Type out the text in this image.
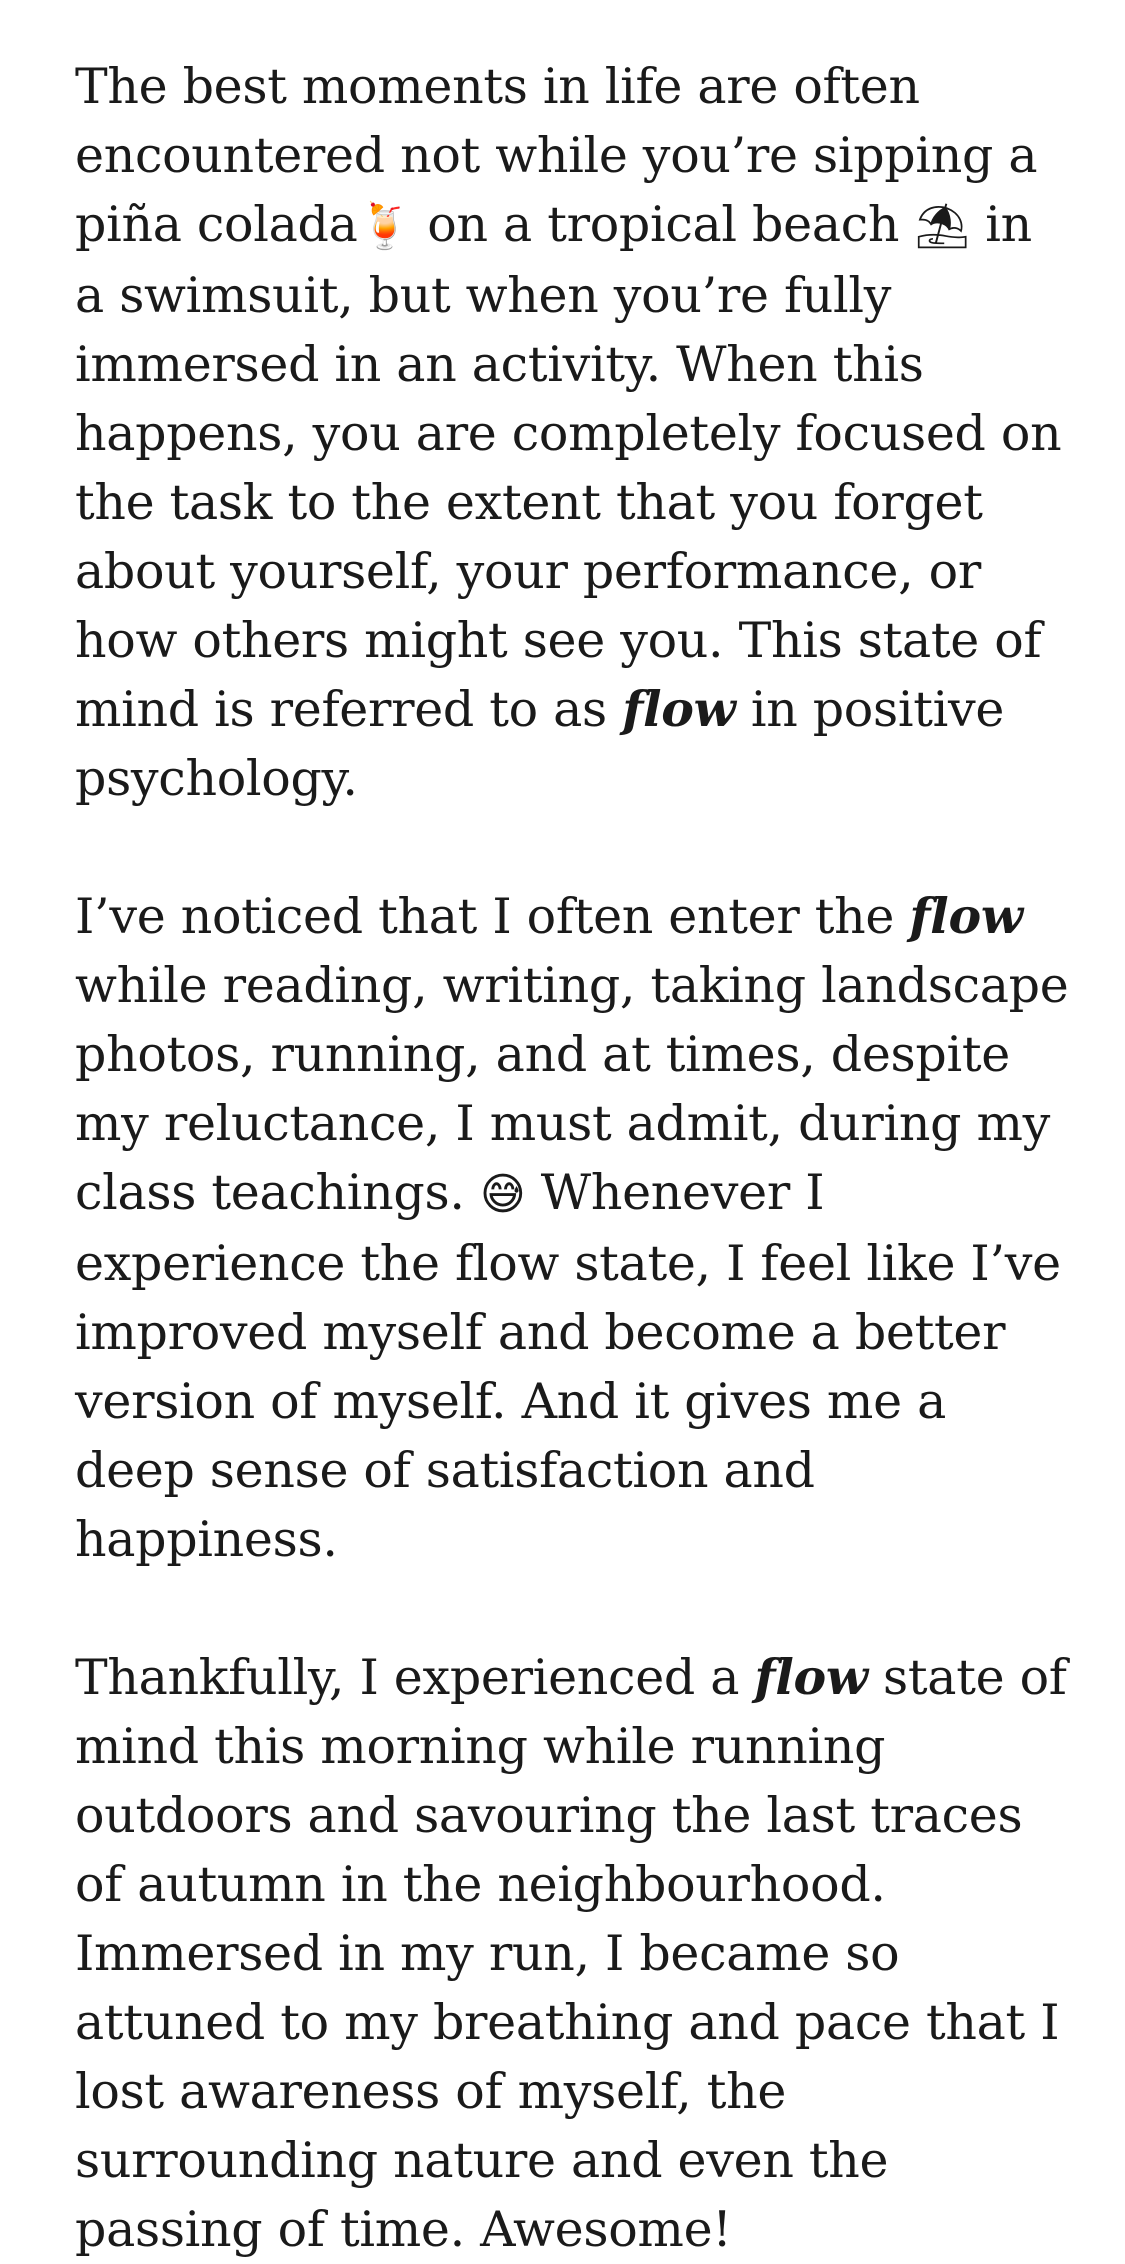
The best moments in life are often encountered not while you’re sipping a piña colada🍹 on a tropical beach ⛱ in a swimsuit, but when you’re fully immersed in an activity. When this happens, you are completely focused on the task to the extent that you forget about yourself, your performance, or how others might see you. This state of mind is referred to as flow in positive psychology.

I’ve noticed that I often enter the flow while reading, writing, taking landscape photos, running, and at times, despite my reluctance, I must admit, during my class teachings. 😅 Whenever I experience the flow state, I feel like I’ve improved myself and become a better version of myself. And it gives me a deep sense of satisfaction and happiness.

Thankfully, I experienced a flow state of mind this morning while running outdoors and savouring the last traces of autumn in the neighbourhood. Immersed in my run, I became so attuned to my breathing and pace that I lost awareness of myself, the surrounding nature and even the passing of time. Awesome!
